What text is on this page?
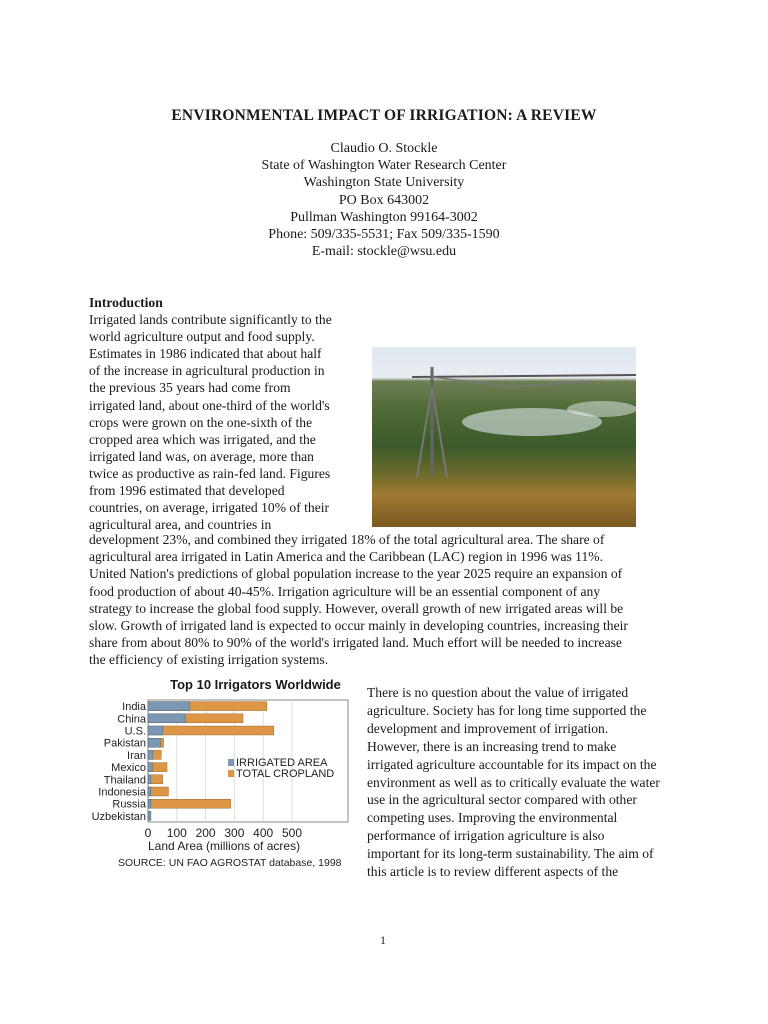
ENVIRONMENTAL IMPACT OF IRRIGATION: A REVIEW
Claudio O. Stockle
State of Washington Water Research Center
Washington State University
PO Box 643002
Pullman Washington 99164-3002
Phone: 509/335-5531; Fax 509/335-1590
E-mail: stockle@wsu.edu
Introduction
Irrigated lands contribute significantly to the
world agriculture output and food supply.
Estimates in 1986 indicated that about half
of the increase in agricultural production in
the previous 35 years had come from
irrigated land, about one-third of the world's
crops were grown on the one-sixth of the
cropped area which was irrigated, and the
irrigated land was, on average, more than
twice as productive as rain-fed land. Figures
from 1996 estimated that developed
countries, on average, irrigated 10% of their
agricultural area, and countries in
development 23%, and combined they irrigated 18% of the total agricultural area. The share of
agricultural area irrigated in Latin America and the Caribbean (LAC) region in 1996 was 11%.
United Nation's predictions of global population increase to the year 2025 require an expansion of
food production of about 40-45%. Irrigation agriculture will be an essential component of any
strategy to increase the global food supply. However, overall growth of new irrigated areas will be
slow. Growth of irrigated land is expected to occur mainly in developing countries, increasing their
share from about 80% to 90% of the world's irrigated land. Much effort will be needed to increase
the efficiency of existing irrigation systems.
There is no question about the value of irrigated
agriculture. Society has for long time supported the
development and improvement of irrigation.
However, there is an increasing trend to make
irrigated agriculture accountable for its impact on the
environment as well as to critically evaluate the water
use in the agricultural sector compared with other
competing uses. Improving the environmental
performance of irrigation agriculture is also
important for its long-term sustainability. The aim of
this article is to review different aspects of the
Top 10 Irrigators Worldwide
0 100 200 300 400 500
India
China
U.S.
Pakistan
Iran
Mexico
Thailand
Indonesia
Russia
Uzbekistan
IRRIGATED AREA
TOTAL CROPLAND
Land Area (millions of acres)
SOURCE: UN FAO AGROSTAT database, 1998
1
